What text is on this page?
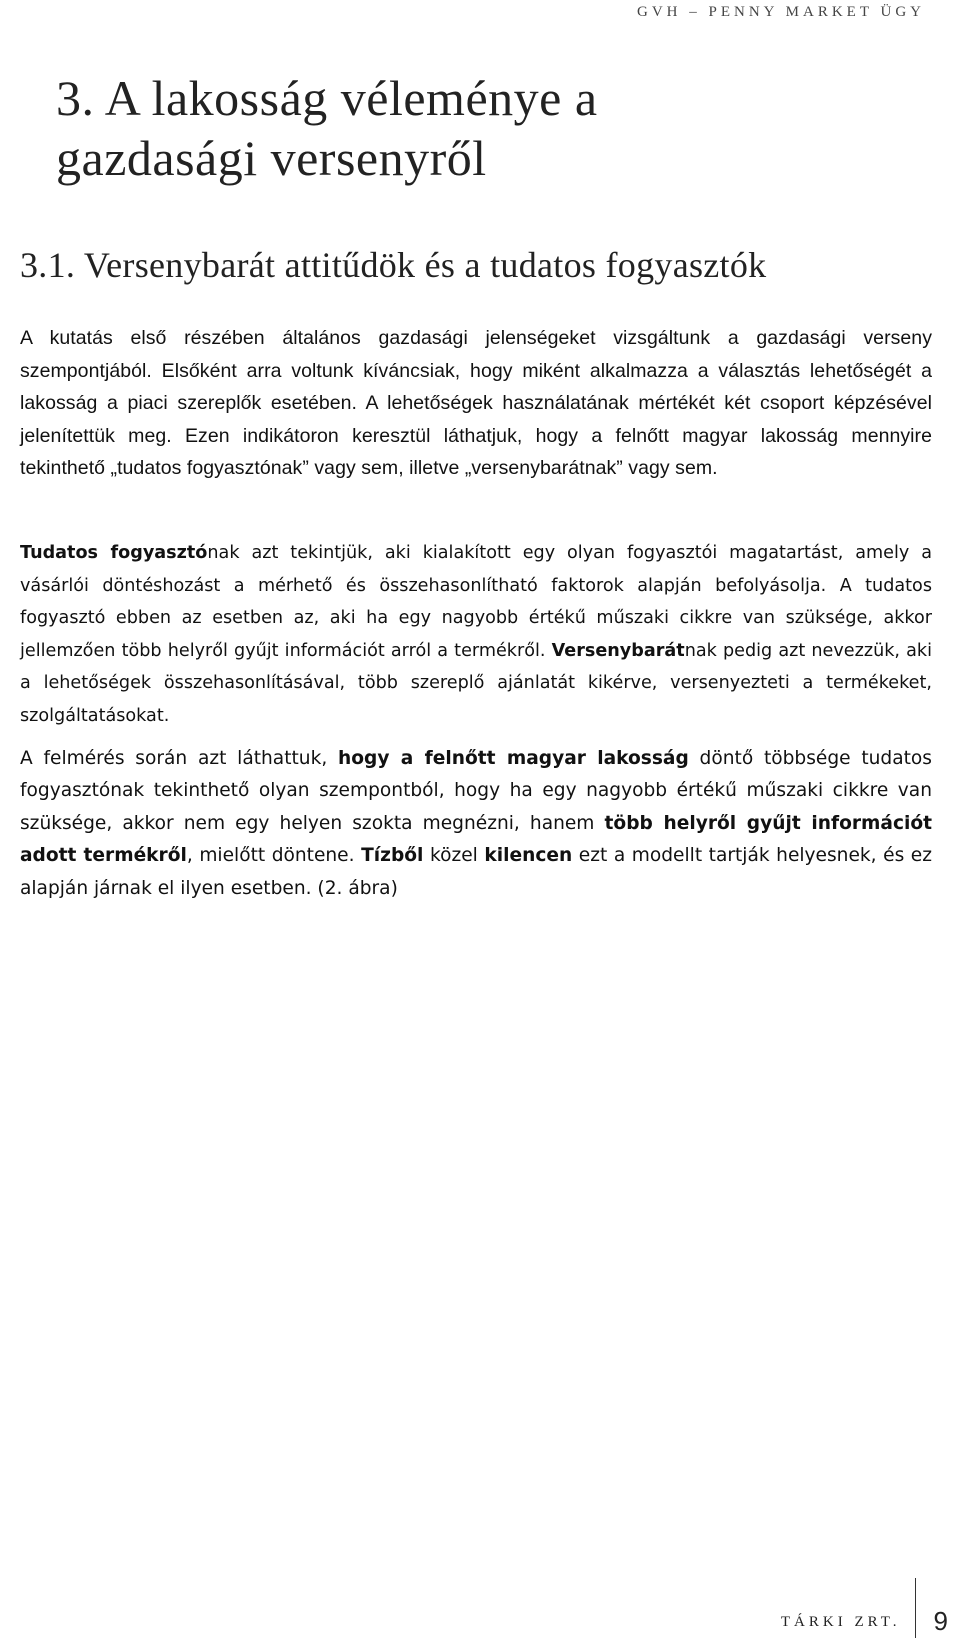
GVH – PENNY MARKET ÜGY
3. A lakosság véleménye a
gazdasági versenyről
3.1. Versenybarát attitűdök és a tudatos fogyasztók

A kutatás első részében általános gazdasági jelenségeket vizsgáltunk a gazdasági verseny szempontjából. Elsőként arra voltunk kíváncsiak, hogy miként alkalmazza a választás lehetőségét a lakosság a piaci szereplők esetében. A lehetőségek használatának mértékét két csoport képzésével jelenítettük meg. Ezen indikátoron keresztül láthatjuk, hogy a felnőtt magyar lakosság mennyire tekinthető „tudatos fogyasztónak” vagy sem, illetve „versenybarátnak” vagy sem.

Tudatos fogyasztónak azt tekintjük, aki kialakított egy olyan fogyasztói magatartást, amely a vásárlói döntéshozást a mérhető és összehasonlítható faktorok alapján befolyásolja. A tudatos fogyasztó ebben az esetben az, aki ha egy nagyobb értékű műszaki cikkre van szüksége, akkor jellemzően több helyről gyűjt információt arról a termékről. Versenybarátnak pedig azt nevezzük, aki a lehetőségek összehasonlításával, több szereplő ajánlatát kikérve, versenyezteti a termékeket, szolgáltatásokat.

A felmérés során azt láthattuk, hogy a felnőtt magyar lakosság döntő többsége tudatos fogyasztónak tekinthető olyan szempontból, hogy ha egy nagyobb értékű műszaki cikkre van szüksége, akkor nem egy helyen szokta megnézni, hanem több helyről gyűjt információt adott termékről, mielőtt döntene. Tízből közel kilencen ezt a modellt tartják helyesnek, és ez alapján járnak el ilyen esetben. (2. ábra)

TÁRKI ZRT.	9
